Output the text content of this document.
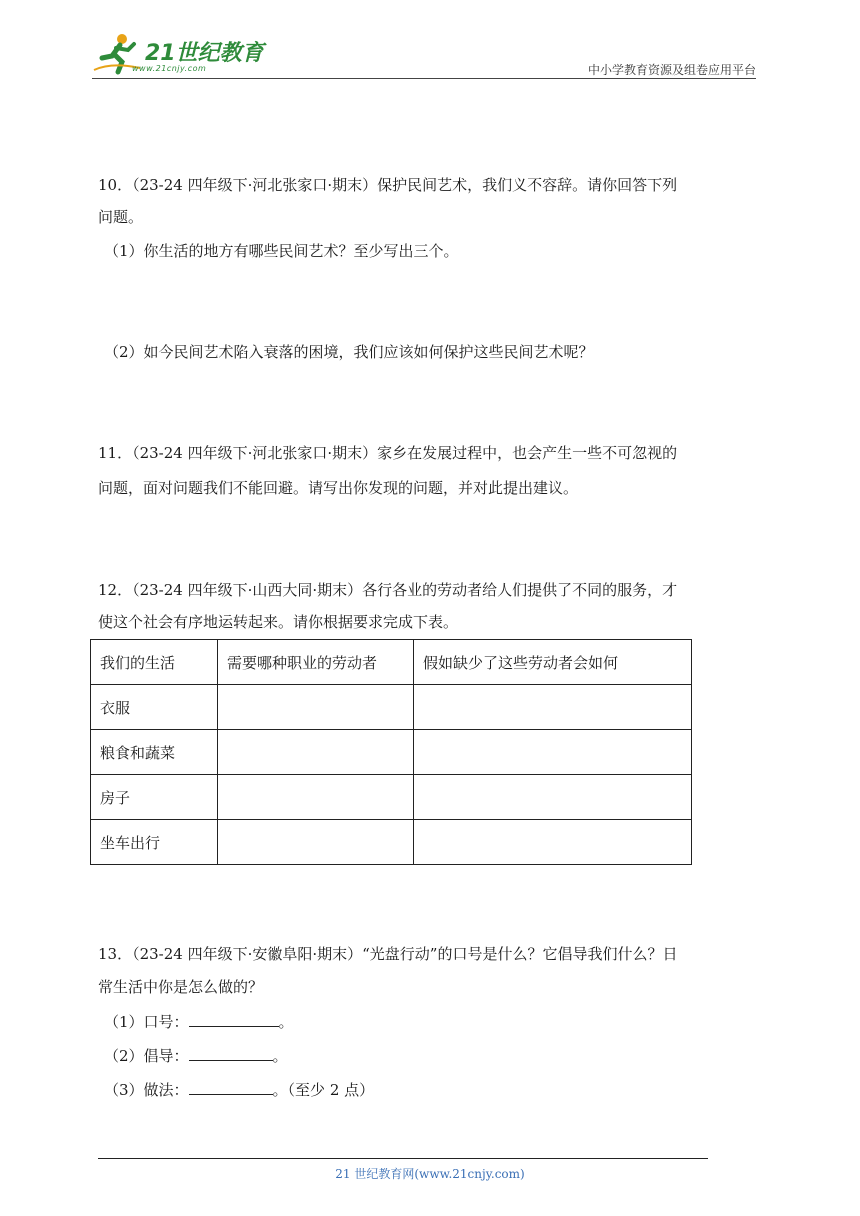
21世纪教育
www.21cnjy.com	中小学教育资源及组卷应用平台
10．（23-24 四年级下·河北张家口·期末）保护民间艺术，我们义不容辞。请你回答下列
问题。
（1）你生活的地方有哪些民间艺术？至少写出三个。
（2）如今民间艺术陷入衰落的困境，我们应该如何保护这些民间艺术呢？
11．（23-24 四年级下·河北张家口·期末）家乡在发展过程中，也会产生一些不可忽视的
问题，面对问题我们不能回避。请写出你发现的问题，并对此提出建议。
12．（23-24 四年级下·山西大同·期末）各行各业的劳动者给人们提供了不同的服务，才
使这个社会有序地运转起来。请你根据要求完成下表。
我们的生活	需要哪种职业的劳动者	假如缺少了这些劳动者会如何
衣服		
粮食和蔬菜		
房子		
坐车出行		
13．（23-24 四年级下·安徽阜阳·期末）“光盘行动”的口号是什么？它倡导我们什么？日
常生活中你是怎么做的？
（1）口号：	。
（2）倡导：	。
（3）做法：	。（至少 2 点）
21 世纪教育网(www.21cnjy.com)
